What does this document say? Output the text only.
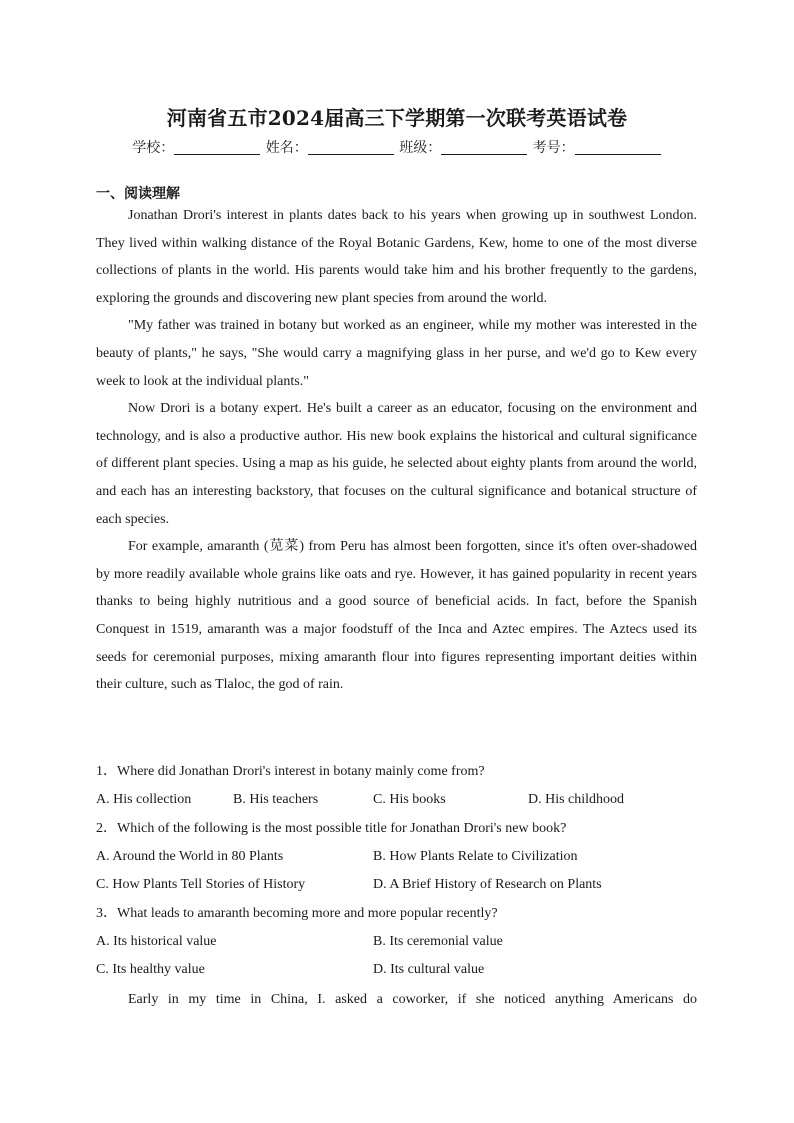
河南省五市2024届高三下学期第一次联考英语试卷
学校：	姓名：	班级：	考号：
一、阅读理解

Jonathan Drori's interest in plants dates back to his years when growing up in southwest London. They lived within walking distance of the Royal Botanic Gardens, Kew, home to one of the most diverse collections of plants in the world. His parents would take him and his brother frequently to the gardens, exploring the grounds and discovering new plant species from around the world.

"My father was trained in botany but worked as an engineer, while my mother was interested in the beauty of plants," he says, "She would carry a magnifying glass in her purse, and we'd go to Kew every week to look at the individual plants."

Now Drori is a botany expert. He's built a career as an educator, focusing on the environment and technology, and is also a productive author. His new book explains the historical and cultural significance of different plant species. Using a map as his guide, he selected about eighty plants from around the world, and each has an interesting backstory, that focuses on the cultural significance and botanical structure of each species.

For example, amaranth (苋菜) from Peru has almost been forgotten, since it's often over-shadowed by more readily available whole grains like oats and rye. However, it has gained popularity in recent years thanks to being highly nutritious and a good source of beneficial acids. In fact, before the Spanish Conquest in 1519, amaranth was a major foodstuff of the Inca and Aztec empires. The Aztecs used its seeds for ceremonial purposes, mixing amaranth flour into figures representing important deities within their culture, such as Tlaloc, the god of rain.

1．Where did Jonathan Drori's interest in botany mainly come from?
A. His collection	B. His teachers	C. His books	D. His childhood
2．Which of the following is the most possible title for Jonathan Drori's new book?
A. Around the World in 80 Plants	B. How Plants Relate to Civilization
C. How Plants Tell Stories of History	D. A Brief History of Research on Plants
3．What leads to amaranth becoming more and more popular recently?
A. Its historical value	B. Its ceremonial value
C. Its healthy value	D. Its cultural value

Early in my time in China, I. asked a coworker, if she noticed anything Americans do
